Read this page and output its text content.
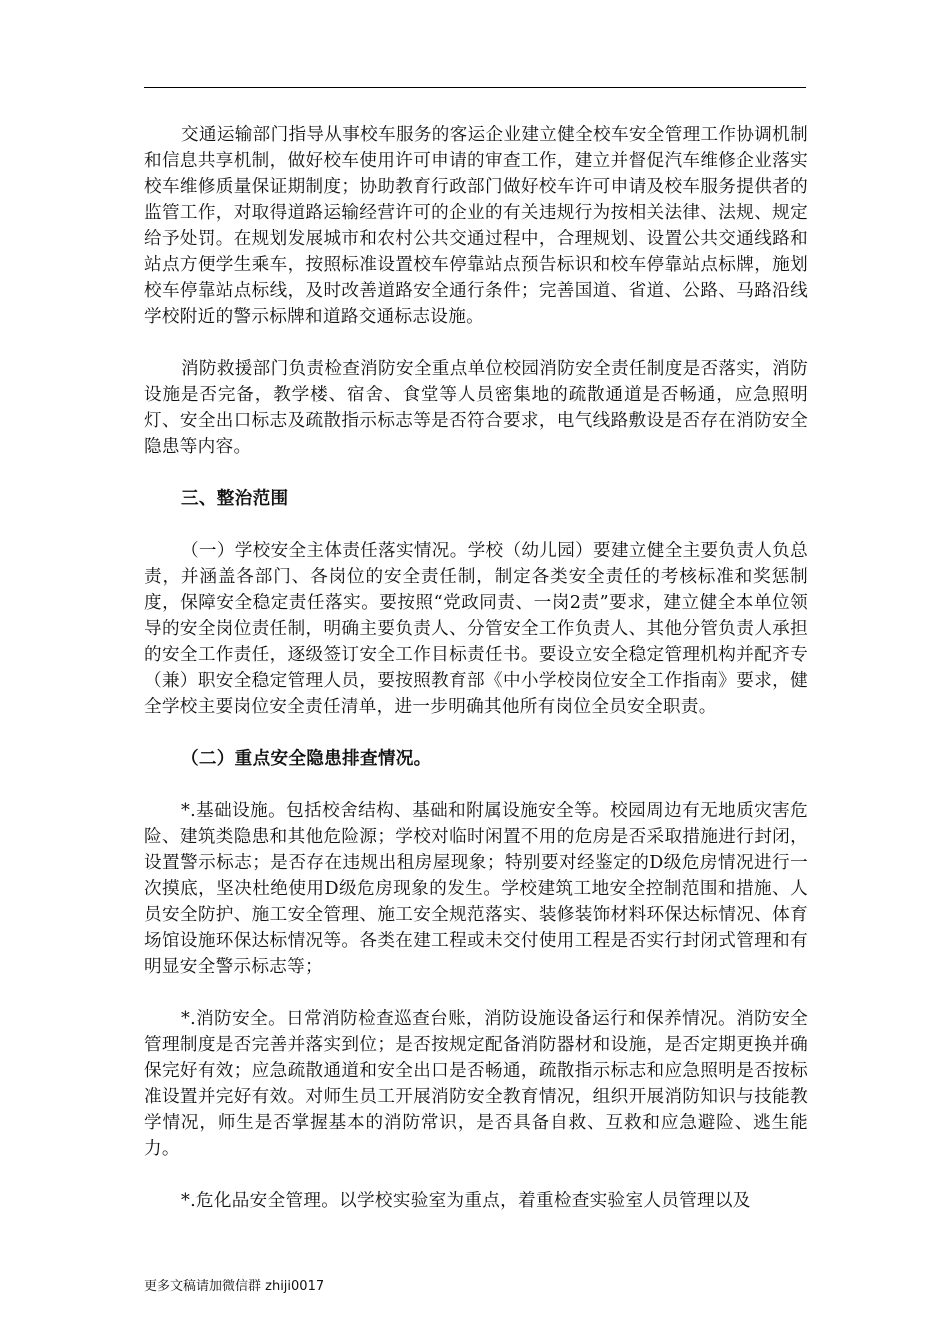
交通运输部门指导从事校车服务的客运企业建立健全校车安全管理工作协调机制和信息共享机制，做好校车使用许可申请的审查工作，建立并督促汽车维修企业落实校车维修质量保证期制度；协助教育行政部门做好校车许可申请及校车服务提供者的监管工作，对取得道路运输经营许可的企业的有关违规行为按相关法律、法规、规定给予处罚。在规划发展城市和农村公共交通过程中，合理规划、设置公共交通线路和站点方便学生乘车，按照标准设置校车停靠站点预告标识和校车停靠站点标牌，施划校车停靠站点标线，及时改善道路安全通行条件；完善国道、省道、公路、马路沿线学校附近的警示标牌和道路交通标志设施。

消防救援部门负责检查消防安全重点单位校园消防安全责任制度是否落实，消防设施是否完备，教学楼、宿舍、食堂等人员密集地的疏散通道是否畅通，应急照明灯、安全出口标志及疏散指示标志等是否符合要求，电气线路敷设是否存在消防安全隐患等内容。

三、整治范围

（一）学校安全主体责任落实情况。学校（幼儿园）要建立健全主要负责人负总责，并涵盖各部门、各岗位的安全责任制，制定各类安全责任的考核标准和奖惩制度，保障安全稳定责任落实。要按照“党政同责、一岗2责”要求，建立健全本单位领导的安全岗位责任制，明确主要负责人、分管安全工作负责人、其他分管负责人承担的安全工作责任，逐级签订安全工作目标责任书。要设立安全稳定管理机构并配齐专（兼）职安全稳定管理人员，要按照教育部《中小学校岗位安全工作指南》要求，健全学校主要岗位安全责任清单，进一步明确其他所有岗位全员安全职责。

（二）重点安全隐患排查情况。

*.基础设施。包括校舍结构、基础和附属设施安全等。校园周边有无地质灾害危险、建筑类隐患和其他危险源；学校对临时闲置不用的危房是否采取措施进行封闭，设置警示标志；是否存在违规出租房屋现象；特别要对经鉴定的D级危房情况进行一次摸底，坚决杜绝使用D级危房现象的发生。学校建筑工地安全控制范围和措施、人员安全防护、施工安全管理、施工安全规范落实、装修装饰材料环保达标情况、体育场馆设施环保达标情况等。各类在建工程或未交付使用工程是否实行封闭式管理和有明显安全警示标志等；

*.消防安全。日常消防检查巡查台账，消防设施设备运行和保养情况。消防安全管理制度是否完善并落实到位；是否按规定配备消防器材和设施，是否定期更换并确保完好有效；应急疏散通道和安全出口是否畅通，疏散指示标志和应急照明是否按标准设置并完好有效。对师生员工开展消防安全教育情况，组织开展消防知识与技能教学情况，师生是否掌握基本的消防常识，是否具备自救、互救和应急避险、逃生能力。

*.危化品安全管理。以学校实验室为重点，着重检查实验室人员管理以及

更多文稿请加微信群 zhiji0017
